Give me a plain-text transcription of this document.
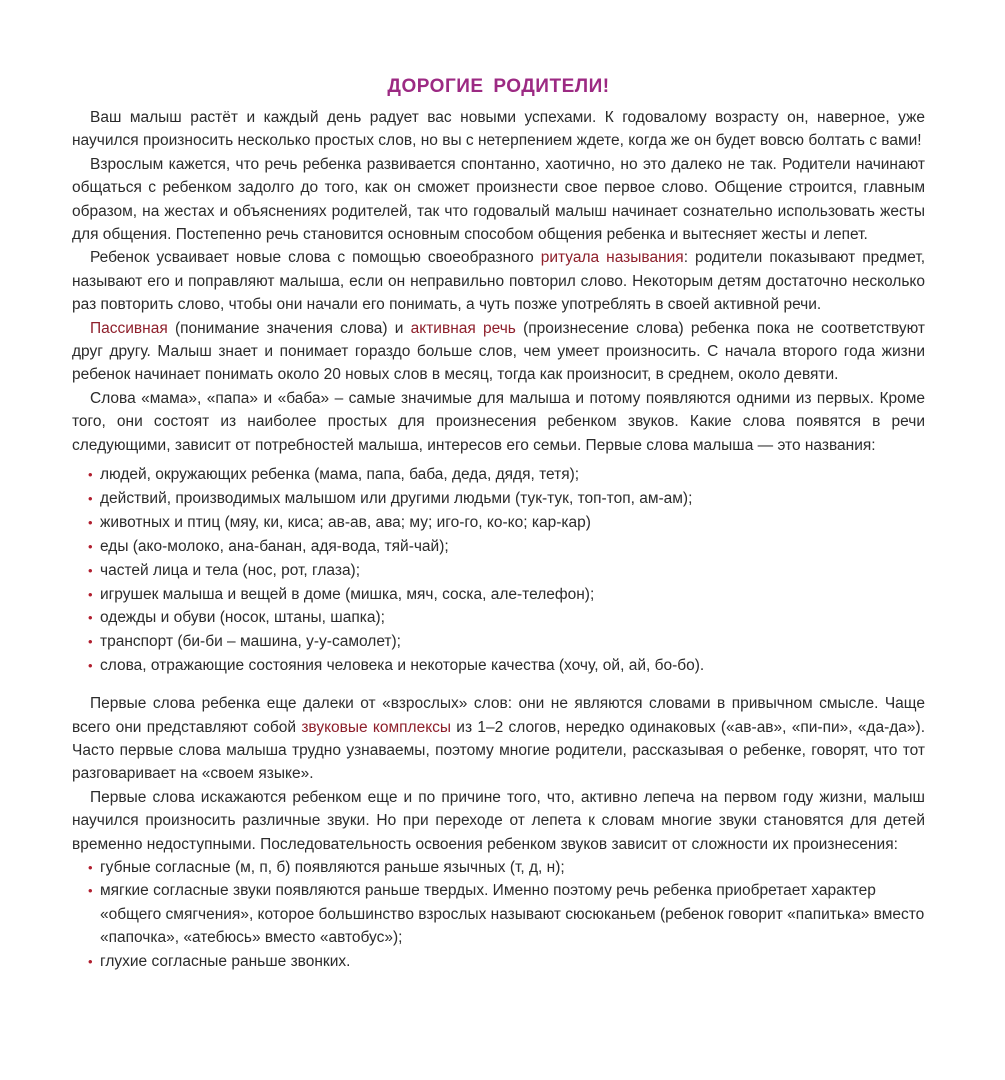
ДОРОГИЕ РОДИТЕЛИ!

Ваш малыш растёт и каждый день радует вас новыми успехами. К годовалому возрасту он, наверное, уже научился произносить несколько простых слов, но вы с нетерпением ждете, когда же он будет вовсю болтать с вами!

Взрослым кажется, что речь ребенка развивается спонтанно, хаотично, но это далеко не так. Родители начинают общаться с ребенком задолго до того, как он сможет произнести свое первое слово. Общение строится, главным образом, на жестах и объяснениях родителей, так что годовалый малыш начинает сознательно использовать жесты для общения. Постепенно речь становится основным способом общения ребенка и вытесняет жесты и лепет.

Ребенок усваивает новые слова с помощью своеобразного ритуала называния: родители показывают предмет, называют его и поправляют малыша, если он неправильно повторил слово. Некоторым детям достаточно несколько раз повторить слово, чтобы они начали его понимать, а чуть позже употреблять в своей активной речи.

Пассивная (понимание значения слова) и активная речь (произнесение слова) ребенка пока не соответствуют друг другу. Малыш знает и понимает гораздо больше слов, чем умеет произносить. С начала второго года жизни ребенок начинает понимать около 20 новых слов в месяц, тогда как произносит, в среднем, около девяти.

Слова «мама», «папа» и «баба» – самые значимые для малыша и потому появляются одними из первых. Кроме того, они состоят из наиболее простых для произнесения ребенком звуков. Какие слова появятся в речи следующими, зависит от потребностей малыша, интересов его семьи. Первые слова малыша — это названия:

• людей, окружающих ребенка (мама, папа, баба, деда, дядя, тетя);
• действий, производимых малышом или другими людьми (тук-тук, топ-топ, ам-ам);
• животных и птиц (мяу, ки, киса; ав-ав, ава; му; иго-го, ко-ко; кар-кар)
• еды (ако-молоко, ана-банан, адя-вода, тяй-чай);
• частей лица и тела (нос, рот, глаза);
• игрушек малыша и вещей в доме (мишка, мяч, соска, але-телефон);
• одежды и обуви (носок, штаны, шапка);
• транспорт (би-би – машина, у-у-самолет);
• слова, отражающие состояния человека и некоторые качества (хочу, ой, ай, бо-бо).

Первые слова ребенка еще далеки от «взрослых» слов: они не являются словами в привычном смысле. Чаще всего они представляют собой звуковые комплексы из 1–2 слогов, нередко одинаковых («ав-ав», «пи-пи», «да-да»). Часто первые слова малыша трудно узнаваемы, поэтому многие родители, рассказывая о ребенке, говорят, что тот разговаривает на «своем языке».

Первые слова искажаются ребенком еще и по причине того, что, активно лепеча на первом году жизни, малыш научился произносить различные звуки. Но при переходе от лепета к словам многие звуки становятся для детей временно недоступными. Последовательность освоения ребенком звуков зависит от сложности их произнесения:

• губные согласные (м, п, б) появляются раньше язычных (т, д, н);
• мягкие согласные звуки появляются раньше твердых. Именно поэтому речь ребенка приобретает характер «общего смягчения», которое большинство взрослых называют сюсюканьем (ребенок говорит «папитька» вместо «папочка», «атебюсь» вместо «автобус»);
• глухие согласные раньше звонких.
